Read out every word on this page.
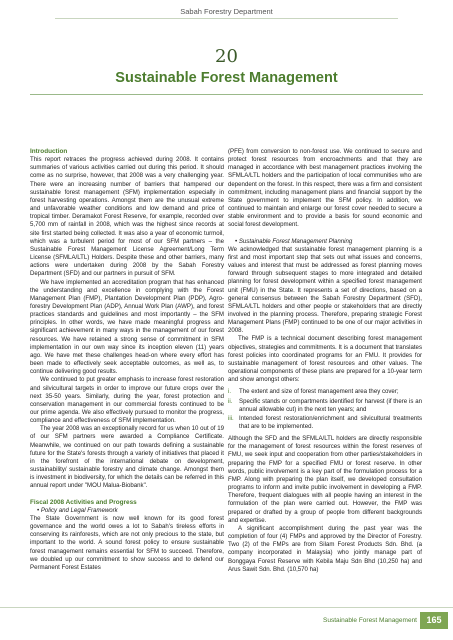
Sabah Forestry Department
20
Sustainable Forest Management

Introduction

This report retraces the progress achieved during 2008. It contains summaries of various activities carried out during this period. It should come as no surprise, however, that 2008 was a very challenging year. There were an increasing number of barriers that hampered our sustainable forest management (SFM) implementation especially in forest harvesting operations. Amongst them are the unusual extreme and unfavorable weather conditions and low demand and price of tropical timber. Deramakot Forest Reserve, for example, recorded over 5,700 mm of rainfall in 2008, which was the highest since records at site first started being collected. It was also a year of economic turmoil, which was a turbulent period for most of our SFM partners – the Sustainable Forest Management License Agreement/Long Term License (SFMLA/LTL) Holders. Despite these and other barriers, many actions were undertaken during 2008 by the Sabah Forestry Department (SFD) and our partners in pursuit of SFM.

We have implemented an accreditation program that has enhanced the understanding and excellence in complying with the Forest Management Plan (FMP), Plantation Development Plan (PDP), Agro-forestry Development Plan (ADP), Annual Work Plan (AWP), and forest practices standards and guidelines and most importantly – the SFM principles. In other words, we have made meaningful progress and significant achievement in many ways in the management of our forest resources. We have retained a strong sense of commitment in SFM implementation in our own way since its inception eleven (11) years ago. We have met these challenges head-on where every effort has been made to effectively seek acceptable outcomes, as well as, to continue delivering good results.

We continued to put greater emphasis to increase forest restoration and silvicultural targets in order to improve our future crops over the next 35-50 years. Similarly, during the year, forest protection and conservation management in our commercial forests continued to be our prime agenda. We also effectively pursued to monitor the progress, compliance and effectiveness of SFM implementation.

The year 2008 was an exceptionally record for us when 10 out of 19 of our SFM partners were awarded a Compliance Certificate. Meanwhile, we continued on our path towards defining a sustainable future for the State's forests through a variety of initiatives that placed it in the forefront of the international debate on development, sustainability/ sustainable forestry and climate change. Amongst them is investment in biodiversity, for which the details can be referred in this annual report under "MOU Malua-Biobank".

Fiscal 2008 Activities and Progress

• Policy and Legal Framework

The State Government is now well known for its good forest governance and the world owes a lot to Sabah's tireless efforts in conserving its rainforests, which are not only precious to the state, but important to the world. A sound forest policy to ensure sustainable forest management remains essential for SFM to succeed. Therefore, we doubled up our commitment to show success and to defend our Permanent Forest Estates

(PFE) from conversion to non-forest use. We continued to secure and protect forest resources from encroachments and that they are managed in accordance with best management practices involving the SFMLA/LTL holders and the participation of local communities who are dependent on the forest. In this respect, there was a firm and consistent commitment, including management plans and financial support by the State government to implement the SFM policy. In addition, we continued to maintain and enlarge our forest cover needed to secure a stable environment and to provide a basis for sound economic and social forest development.

• Sustainable Forest Management Planning

We acknowledged that sustainable forest management planning is a first and most important step that sets out what issues and concerns, values and interest that must be addressed as forest planning moves forward through subsequent stages to more integrated and detailed planning for forest development within a specified forest management unit (FMU) in the State. It represents a set of directions, based on a general consensus between the Sabah Forestry Department (SFD), SFMLA/LTL holders and other people or stakeholders that are directly involved in the planning process. Therefore, preparing strategic Forest Management Plans (FMP) continued to be one of our major activities in 2008.

The FMP is a technical document describing forest management objectives, strategies and commitments. It is a document that translates forest policies into coordinated programs for an FMU. It provides for sustainable management of forest resources and other values. The operational components of these plans are prepared for a 10-year term and show amongst others:

i.	The extent and size of forest management area they cover;
ii.	Specific stands or compartments identified for harvest (if there is an annual allowable cut) in the next ten years; and
iii. Intended forest restoration/enrichment and silvicultural treatments that are to be implemented.

Although the SFD and the SFMLA/LTL holders are directly responsible for the management of forest resources within the forest reserves of FMU, we seek input and cooperation from other parties/stakeholders in preparing the FMP for a specified FMU or forest reserve. In other words, public involvement is a key part of the formulation process for a FMP. Along with preparing the plan itself, we developed consultation programs to inform and invite public involvement in developing a FMP. Therefore, frequent dialogues with all people having an interest in the formulation of the plan were carried out. However, the FMP was prepared or drafted by a group of people from different backgrounds and expertise.

A significant accomplishment during the past year was the completion of four (4) FMPs and approved by the Director of Forestry. Two (2) of the FMPs are from Silam Forest Products Sdn. Bhd. (a company incorporated in Malaysia) who jointly manage part of Bonggaya Forest Reserve with Kebila Maju Sdn Bhd (10,250 ha) and Arus Sawit Sdn. Bhd. (10,570 ha)

Sustainable Forest Management	165
